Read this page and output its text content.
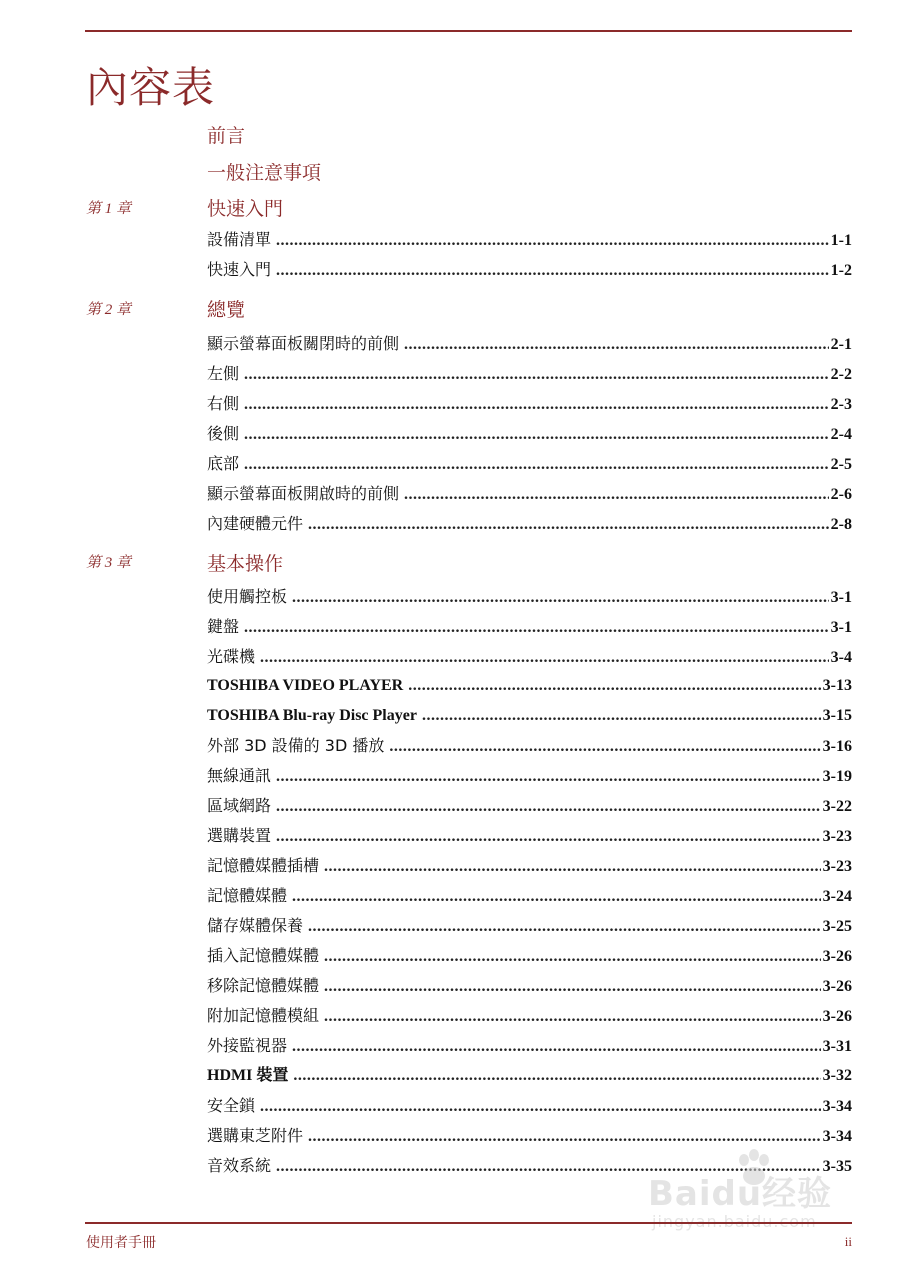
內容表
前言
一般注意事項
第 1 章	快速入門
設備清單 .....	1-1
快速入門 .....	1-2
第 2 章	總覽
顯示螢幕面板關閉時的前側 .....	2-1
左側 .....	2-2
右側 .....	2-3
後側 .....	2-4
底部 .....	2-5
顯示螢幕面板開啟時的前側 .....	2-6
內建硬體元件 .....	2-8
第 3 章	基本操作
使用觸控板 .....	3-1
鍵盤 .....	3-1
光碟機 .....	3-4
TOSHIBA VIDEO PLAYER .....	3-13
TOSHIBA Blu-ray Disc Player .....	3-15
外部 3D 設備的 3D 播放 .....	3-16
無線通訊 .....	3-19
區域網路 .....	3-22
選購裝置 .....	3-23
記憶體媒體插槽 .....	3-23
記憶體媒體 .....	3-24
儲存媒體保養 .....	3-25
插入記憶體媒體 .....	3-26
移除記憶體媒體 .....	3-26
附加記憶體模組 .....	3-26
外接監視器 .....	3-31
HDMI 裝置 .....	3-32
安全鎖 .....	3-34
選購東芝附件 .....	3-34
音效系統 .....	3-35
Baidu经验
使用者手冊	ii
